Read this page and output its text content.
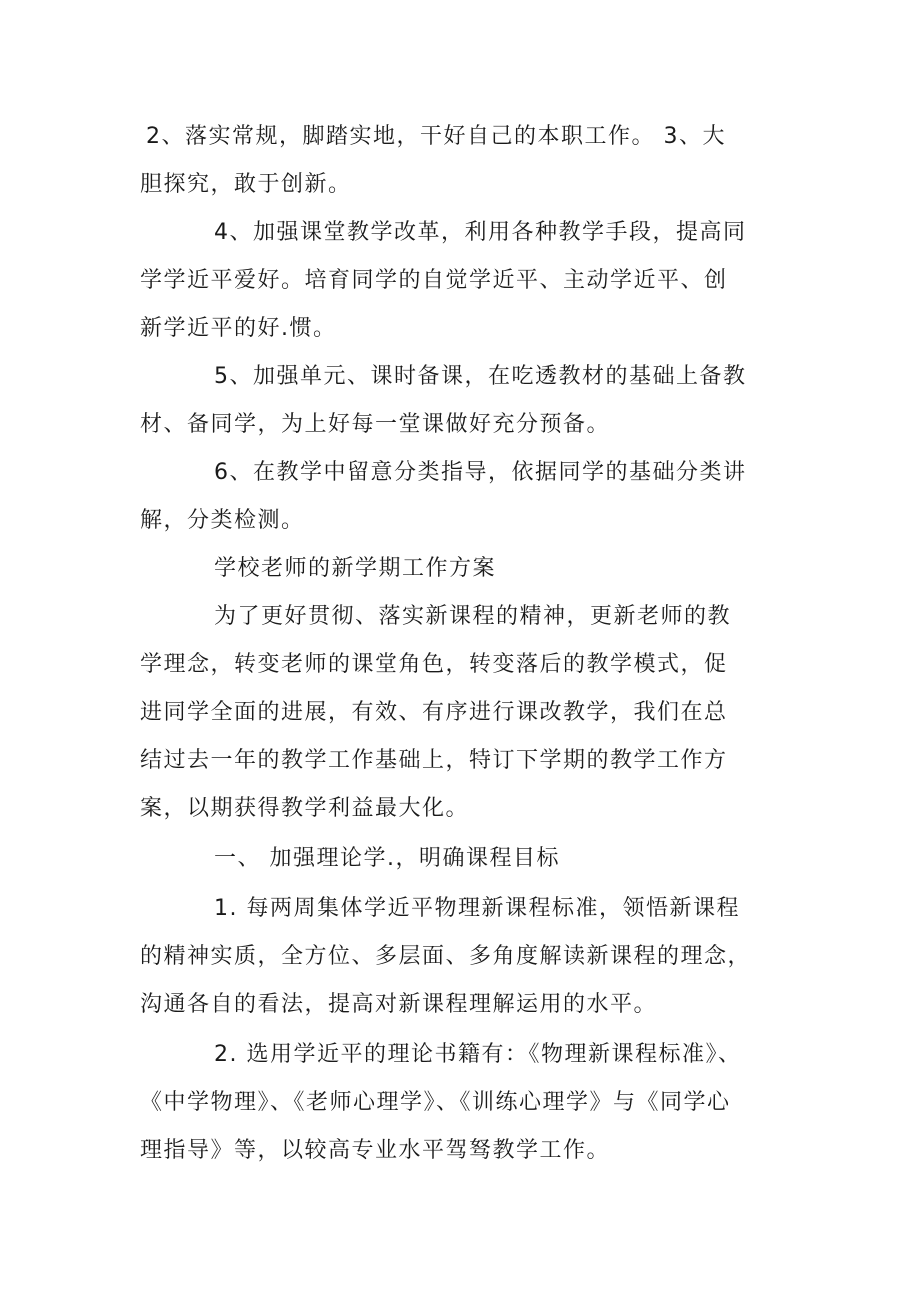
2、落实常规，脚踏实地，干好自己的本职工作。 3、大
胆探究，敢于创新。
4、加强课堂教学改革，利用各种教学手段，提高同
学学近平爱好。培育同学的自觉学近平、主动学近平、创
新学近平的好.惯。
5、加强单元、课时备课，在吃透教材的基础上备教
材、备同学，为上好每一堂课做好充分预备。
6、在教学中留意分类指导，依据同学的基础分类讲
解，分类检测。
学校老师的新学期工作方案
为了更好贯彻、落实新课程的精神，更新老师的教
学理念，转变老师的课堂角色，转变落后的教学模式，促
进同学全面的进展，有效、有序进行课改教学，我们在总
结过去一年的教学工作基础上，特订下学期的教学工作方
案，以期获得教学利益最大化。
一、 加强理论学.，明确课程目标
1. 每两周集体学近平物理新课程标准，领悟新课程
的精神实质，全方位、多层面、多角度解读新课程的理念，
沟通各自的看法，提高对新课程理解运用的水平。
2. 选用学近平的理论书籍有：《物理新课程标准》、
《中学物理》、《老师心理学》、《训练心理学》与《同学心
理指导》等，以较高专业水平驾驽教学工作。
